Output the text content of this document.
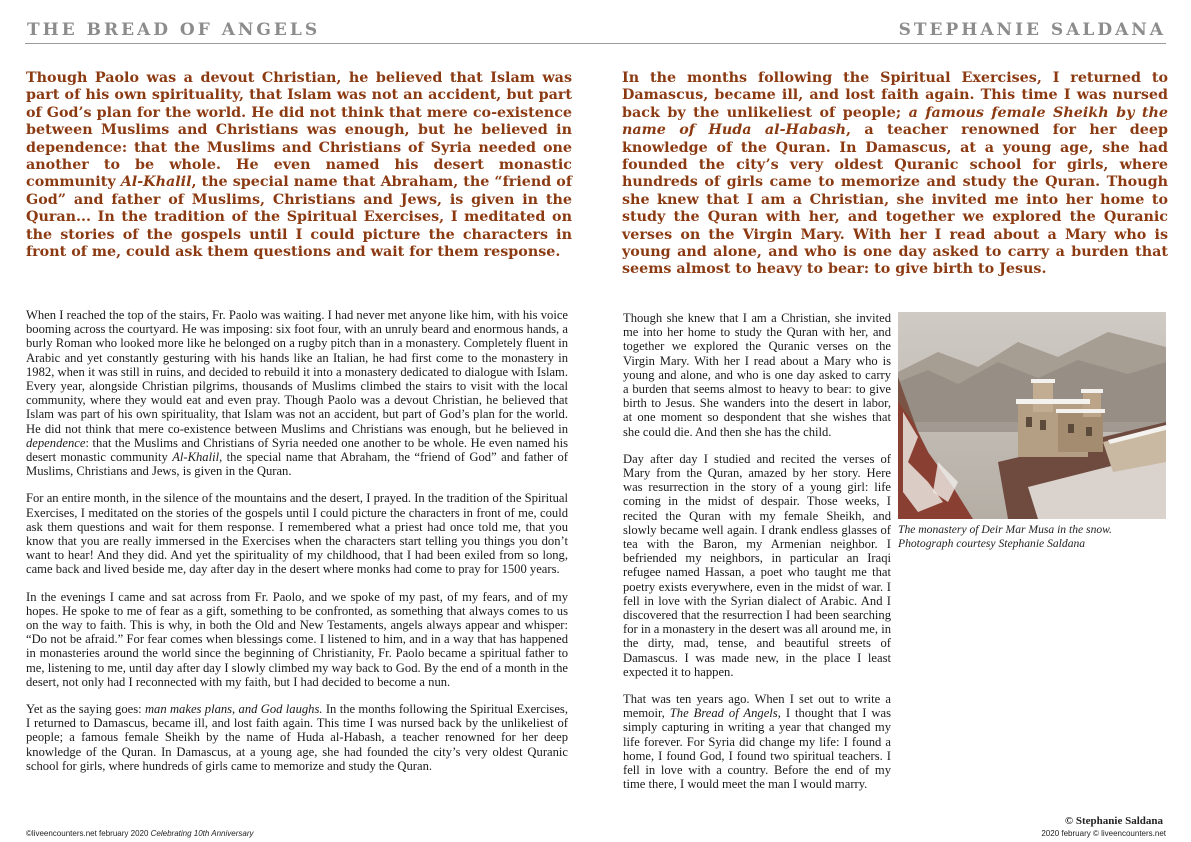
THE BREAD OF ANGELS	STEPHANIE SALDANA
Though Paolo was a devout Christian, he believed that Islam was part of his own spirituality, that Islam was not an accident, but part of God’s plan for the world. He did not think that mere co-existence between Muslims and Christians was enough, but he believed in dependence: that the Muslims and Christians of Syria needed one another to be whole. He even named his desert monastic community Al-Khalil, the special name that Abraham, the “friend of God” and father of Muslims, Christians and Jews, is given in the Quran... In the tradition of the Spiritual Exercises, I meditated on the stories of the gospels until I could picture the characters in front of me, could ask them questions and wait for them response.
In the months following the Spiritual Exercises, I returned to Damascus, became ill, and lost faith again. This time I was nursed back by the unlikeliest of people; a famous female Sheikh by the name of Huda al-Habash, a teacher renowned for her deep knowledge of the Quran. In Damascus, at a young age, she had founded the city’s very oldest Quranic school for girls, where hundreds of girls came to memorize and study the Quran. Though she knew that I am a Christian, she invited me into her home to study the Quran with her, and together we explored the Quranic verses on the Virgin Mary. With her I read about a Mary who is young and alone, and who is one day asked to carry a burden that seems almost to heavy to bear: to give birth to Jesus.

When I reached the top of the stairs, Fr. Paolo was waiting. I had never met anyone like him, with his voice booming across the courtyard. He was imposing: six foot four, with an unruly beard and enormous hands, a burly Roman who looked more like he belonged on a rugby pitch than in a monastery. Completely fluent in Arabic and yet constantly gesturing with his hands like an Italian, he had first come to the monastery in 1982, when it was still in ruins, and decided to rebuild it into a monastery dedicated to dialogue with Islam. Every year, alongside Christian pilgrims, thousands of Muslims climbed the stairs to visit with the local community, where they would eat and even pray. Though Paolo was a devout Christian, he believed that Islam was part of his own spirituality, that Islam was not an accident, but part of God’s plan for the world. He did not think that mere co-existence between Muslims and Christians was enough, but he believed in dependence: that the Muslims and Christians of Syria needed one another to be whole. He even named his desert monastic community Al-Khalil, the special name that Abraham, the “friend of God” and father of Muslims, Christians and Jews, is given in the Quran.

For an entire month, in the silence of the mountains and the desert, I prayed. In the tradition of the Spiritual Exercises, I meditated on the stories of the gospels until I could picture the characters in front of me, could ask them questions and wait for them response. I remembered what a priest had once told me, that you know that you are really immersed in the Exercises when the characters start telling you things you don’t want to hear! And they did. And yet the spirituality of my childhood, that I had been exiled from so long, came back and lived beside me, day after day in the desert where monks had come to pray for 1500 years.

In the evenings I came and sat across from Fr. Paolo, and we spoke of my past, of my fears, and of my hopes. He spoke to me of fear as a gift, something to be confronted, as something that always comes to us on the way to faith. This is why, in both the Old and New Testaments, angels always appear and whisper: “Do not be afraid.” For fear comes when blessings come. I listened to him, and in a way that has happened in monasteries around the world since the beginning of Christianity, Fr. Paolo became a spiritual father to me, listening to me, until day after day I slowly climbed my way back to God. By the end of a month in the desert, not only had I reconnected with my faith, but I had decided to become a nun.

Yet as the saying goes: man makes plans, and God laughs. In the months following the Spiritual Exercises, I returned to Damascus, became ill, and lost faith again. This time I was nursed back by the unlikeliest of people; a famous female Sheikh by the name of Huda al-Habash, a teacher renowned for her deep knowledge of the Quran. In Damascus, at a young age, she had founded the city’s very oldest Quranic school for girls, where hundreds of girls came to memorize and study the Quran.

Though she knew that I am a Christian, she invited me into her home to study the Quran with her, and together we explored the Quranic verses on the Virgin Mary. With her I read about a Mary who is young and alone, and who is one day asked to carry a burden that seems almost to heavy to bear: to give birth to Jesus. She wanders into the desert in labor, at one moment so despondent that she wishes that she could die. And then she has the child.

Day after day I studied and recited the verses of Mary from the Quran, amazed by her story. Here was resurrection in the story of a young girl: life coming in the midst of despair. Those weeks, I recited the Quran with my female Sheikh, and slowly became well again. I drank endless glasses of tea with the Baron, my Armenian neighbor. I befriended my neighbors, in particular an Iraqi refugee named Hassan, a poet who taught me that poetry exists everywhere, even in the midst of war. I fell in love with the Syrian dialect of Arabic. And I discovered that the resurrection I had been searching for in a monastery in the desert was all around me, in the dirty, mad, tense, and beautiful streets of Damascus. I was made new, in the place I least expected it to happen.

That was ten years ago. When I set out to write a memoir, The Bread of Angels, I thought that I was simply capturing in writing a year that changed my life forever. For Syria did change my life: I found a home, I found God, I found two spiritual teachers. I fell in love with a country. Before the end of my time there, I would meet the man I would marry.

The monastery of Deir Mar Musa in the snow. Photograph courtesy Stephanie Saldana
© Stephanie Saldana
©liveencounters.net february 2020 Celebrating 10th Anniversary	2020 february © liveencounters.net
